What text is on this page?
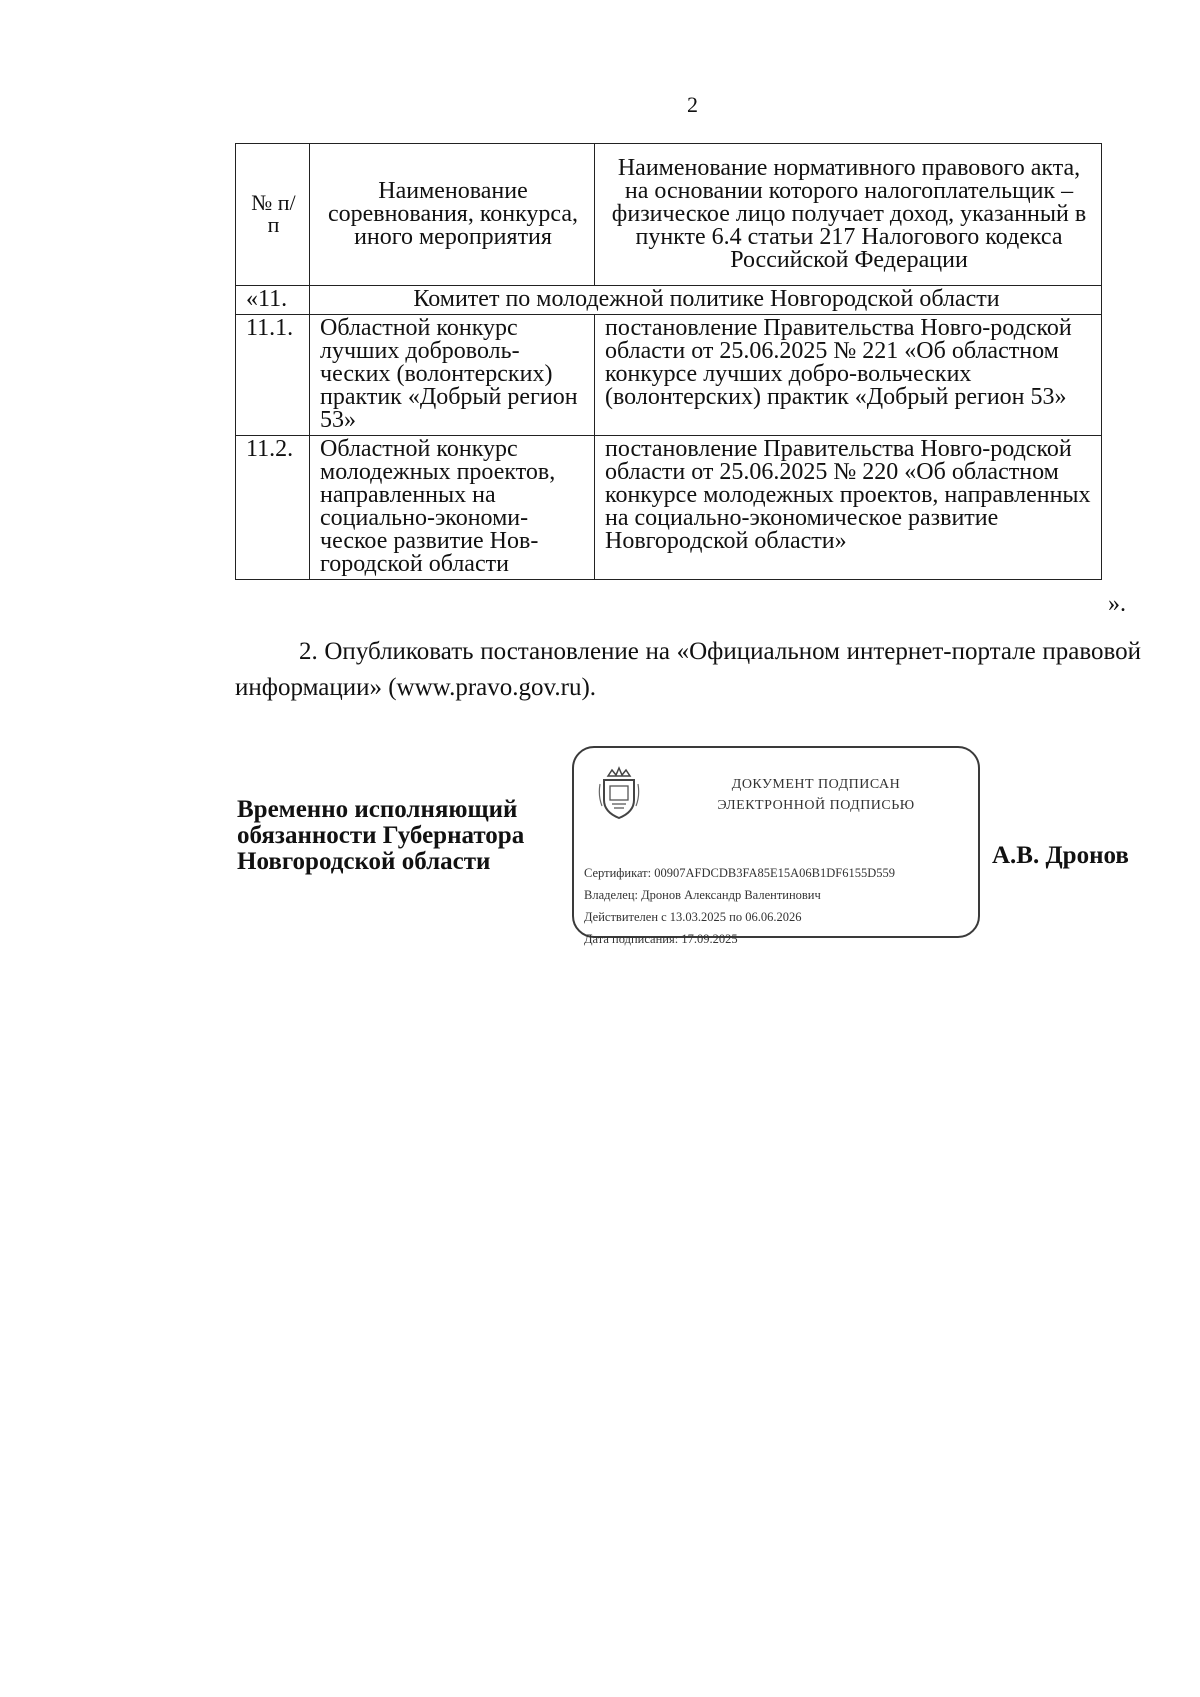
2
№ п/п	Наименование соревнования, конкурса, иного мероприятия	Наименование нормативного правового акта, на основании которого налогоплательщик – физическое лицо получает доход, указанный в пункте 6.4 статьи 217 Налогового кодекса Российской Федерации
«11.	Комитет по молодежной политике Новгородской области	
11.1.	Областной конкурс лучших доброволь-ческих (волонтерских) практик «Добрый регион 53»	постановление Правительства Новго-родской области от 25.06.2025 № 221 «Об областном конкурсе лучших добро-вольческих (волонтерских) практик «Добрый регион 53»
11.2.	Областной конкурс молодежных проектов, направленных на социально-экономи-ческое развитие Нов-городской области	постановление Правительства Новго-родской области от 25.06.2025 № 220 «Об областном конкурсе молодежных проектов, направленных на социально-экономическое развитие Новгородской области»
».
2. Опубликовать постановление на «Официальном интернет-портале правовой информации» (www.pravo.gov.ru).
Временно исполняющий
обязанности Губернатора
Новгородской области
ДОКУМЕНТ ПОДПИСАН
ЭЛЕКТРОННОЙ ПОДПИСЬЮ
Сертификат: 00907AFDCDB3FA85E15A06B1DF6155D559
Владелец: Дронов Александр Валентинович
Действителен с 13.03.2025 по 06.06.2026
Дата подписания: 17.09.2025
А.В. Дронов
